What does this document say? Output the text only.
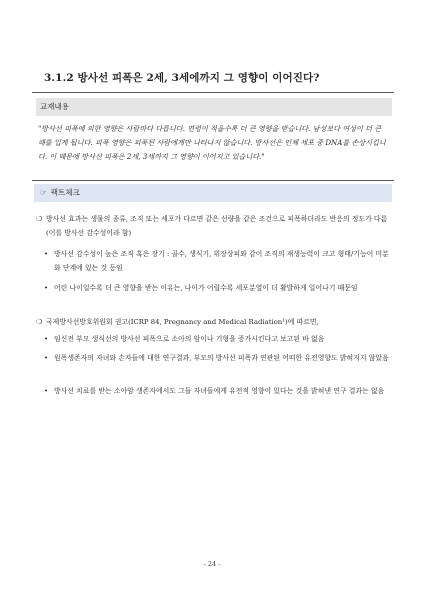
3.1.2 방사선 피폭은 2세, 3세에까지 그 영향이 이어진다?
교재내용
"방사선 피폭에 의한 영향은 사람마다 다릅니다. 연령이 적을수록 더 큰 영향을 받습니다. 남성보다 여성이 더 큰 해를 입게 됩니다. 피폭 영향은 피폭된 사람에게만 나타나지 않습니다. 방사선은 인체 세포 중 DNA를 손상시킵니다. 이 때문에 방사선 피폭은 2세, 3세까지 그 영향이 이어지고 있습니다."
☞ 팩트체크
❍ 방사선 효과는 생물의 종류, 조직 또는 세포가 다르면 같은 선량을 같은 조건으로 피폭하더라도 반응의 정도가 다름 (이를 방사선 감수성이라 함)
• 방사선 감수성이 높은 조직 혹은 장기 : 골수, 생식기, 위장상피와 같이 조직의 재생능력이 크고 형태/기능이 미분화 단계에 있는 것 등임
• 어린 나이일수록 더 큰 영향을 받는 이유는, 나이가 어릴수록 세포분열이 더 활발하게 일어나기 때문임
❍ 국제방사선방호위원회 권고(ICRP 84, Pregnancy and Medical Radiation¹)에 따르면,
• 임신전 부모 생식선의 방사선 피폭으로 소아의 암이나 기형을 증가시킨다고 보고된 바 없음
• 원폭생존자의 자녀와 손자들에 대한 연구결과, 부모의 방사선 피폭과 연관된 어떠한 유전영향도 밝혀지지 않았음
• 방사선 치료를 받는 소아암 생존자에서도 그들 자녀들에게 유전적 영향이 있다는 것을 밝혀낸 연구 결과는 없음
- 24 -
